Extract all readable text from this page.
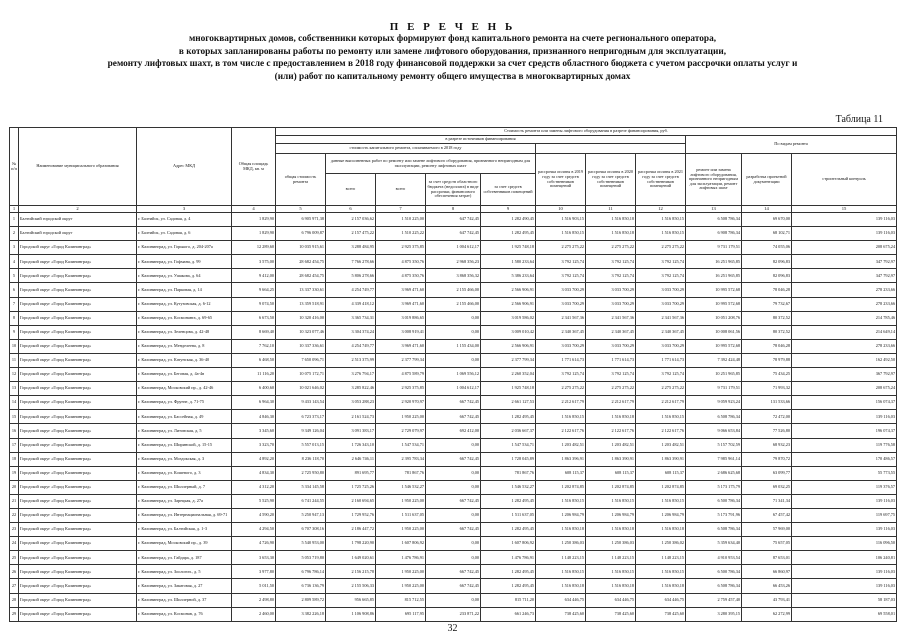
П Е Р Е Ч Е Н Ь
многоквартирных домов, собственники которых формируют фонд капитального ремонта на счете регионального оператора,
в которых запланированы работы по ремонту или замене лифтового оборудования, признанного непригодным для эксплуатации,
ремонту лифтовых шахт, в том числе с предоставлением в 2018 году финансовой поддержки за счет средств областного бюджета с учетом рассрочки оплаты услуг и
(или) работ по капитальному ремонту общего имущества в многоквартирных домах
Таблица 11
№ п/п	Наименование муниципального образования	Адрес МКД	Общая площадь МКД, кв. м	Стоимость ремонта или замены лифтового оборудования в разрезе финансирования, руб.										
				в разрезе источников финансирования								По видам ремонта		
				стоимость капитального ремонта, оплачиваемого в 2018 году										
				общая стоимость ремонта	данные выполненных работ по ремонту или замене лифтового оборудования, признанного непригодным для эксплуатации, ремонту лифтовых шахт				рассрочка оплаты в 2019 году за счет средств собственников помещений	рассрочка оплаты в 2020 году за счет средств собственников помещений	рассрочка оплаты в 2021 году за счет средств собственников помещений	ремонт или замена лифтового оборудования, признанного непригодным для эксплуатации, ремонт лифтовых шахт	разработка проектной документации	строительный контроль
					всего	всего	за счет средств областного бюджета (недоплата) в виде рассрочки, финансового обеспечения затрат)	за счет средств собственников помещений						

1	2	3	4	5	6	7	8	9	10	11	12	13	14	15
1	Балтийский городской округ	г. Балтийск, ул. Садовая, д. 4	1 829,90	6 905 971,38	2 157 036,62	1 510 225,00	647 742,45	1 282 490,45	1 516 903,15	1 516 850,18	1 516 850,15	6 508 786,34	69 670,00	139 116,03
2	Балтийский городской округ	г. Балтийск, ул. Садовая, д. 6	1 829,90	6 796 009,87	2 157 475,22	1 510 225,22	647 742,45	1 282 495,45	1 516 850,15	1 516 850,18	1 516 850,15	6 908 786,34	68 102,71	139 116,03
3	Городской округ «Город Калининград»	г. Калининград, ул. Горького, д. 204-207а	12 289,60	10 035 915,61	3 288 484,95	2 925 375,85	1 004 612,17	1 925 748,18	2 275 275,22	2 275 275,22	2 275 275,22	9 731 179,51	74 055,06	208 675,24
4	Городской округ «Город Калининград»	г. Калининград, ул. Гофмана, д. 99	3 575,00	28 682 454,75	7 766 278,66	4 875 350,76	2 968 356,23	1 580 233,64	3 792 125,74	3 792 125,74	3 792 125,74	16 251 965,85	82 096,83	347 792,97
5	Городской округ «Город Калининград»	г. Калининград, ул. Ушакова, д. 64	9 412,00	28 682 454,75	5 806 278,66	4 875 350,76	3 868 356,32	5 386 233,64	3 792 125,74	3 792 125,74	3 792 125,74	16 251 965,85	82 096,83	347 792,97
6	Городской округ «Город Калининград»	г. Калининград, ул. Парковая, д. 14	9 664,25	13 337 330,61	4 254 749,77	3 969 471,60	2 155 466,00	2 566 906,91	3 033 700,29	3 033 700,29	3 033 700,29	10 995 572,68	78 046,28	278 233,66
7	Городской округ «Город Калининград»	г. Калининград, ул. Кутузовская, д. 6-12	9 074,50	13 359 518,91	4 339 418,12	3 969 471,60	2 155 466,00	2 566 906,91	3 033 700,29	3 033 700,29	3 033 700,29	10 995 572,68	79 732,67	278 233,66
8	Городской округ «Город Калининград»	г. Калининград, ул. Космонавта, д. 69-65	6 673,50	10 320 416,00	3 365 734,31	3 019 886,65	0,00	3 019 586,02	2 341 567,36	2 341 567,36	2 341 567,36	10 051 208,76	80 372,52	214 785,46
9	Городской округ «Город Калининград»	г. Калининград, ул. Зеленцова, д. 42-48	8 669,40	10 323 077,46	3 304 374,24	3 008 919,41	0,00	3 009 010,42	2 340 367,45	2 340 367,45	2 340 367,45	10 008 061,56	80 372,52	214 649,14
10	Городской округ «Город Калининград»	г. Калининград, ул. Менделеева, д. 8	7 762,10	10 337 336,61	4 254 749,77	3 969 471,60	1 155 434,00	2 566 906,91	3 033 700,29	3 033 700,29	3 033 700,29	10 995 572,68	78 046,28	278 233,66
11	Городской округ «Город Калининград»	г. Калининград, ул. Катунская, д. 36-40	6 468,50	7 650 096,71	2 513 375,99	2 377 799,34	0,00	2 377 799,34	1 771 614,73	1 771 614,73	1 771 614,73	7 392 424,48	78 979,88	162 492,50
12	Городской округ «Город Калининград»	г. Калининград, ул. Беговая, д. 4а-4в	11 116,20	10 075 172,71	3 276 794,17	4 875 589,79	1 069 556,12	2 260 352,04	3 792 125,74	3 792 125,74	3 792 125,74	10 251 965,85	75 434,25	367 792,97
13	Городской округ «Город Калининград»	г. Калининград, Московский пр., д. 42-46	6 400,60	10 021 646,02	3 285 822,46	2 925 375,85	1 004 612,17	1 925 748,18	2 275 275,22	2 275 275,22	2 275 275,22	9 731 179,51	71 993,32	208 675,24
14	Городской округ «Город Калининград»	г. Калининград, ул. Фрунзе, д. 71-75	6 964,30	9 433 143,54	3 053 288,23	2 920 970,97	667 742,45	2 661 127,53	2 212 617,79	2 212 617,79	2 212 617,79	9 059 923,24	131 533,66	156 074,37
15	Городской округ «Город Калининград»	г. Калининград, ул. Бассейная, д. 49	4 846,30	6 723 373,17	2 161 524,73	1 950 225,00	667 742,45	1 282 495,45	1 516 850,15	1 516 850,18	1 516 850,15	6 508 786,34	72 472,00	139 116,03
16	Городской округ «Город Калининград»	г. Калининград, ул. Литовская, д. 5	3 345,60	9 349 126,04	3 091 383,17	2 729 079,97	692 412,00	2 036 667,37	2 122 617,76	2 122 617,76	2 122 617,76	9 066 653,84	77 526,80	196 074,37
17	Городской округ «Город Калининград»	г. Калининград, ул. Ширинской, д. 15-15	3 323,70	5 557 013,15	1 726 343,10	1 547 534,71	0,00	1 547 534,71	1 203 482,51	1 203 482,51	1 203 482,51	5 157 702,59	68 932,23	119 776,58
18	Городской округ «Город Калининград»	г. Калининград, ул. Моздокская, д. 3	4 892,20	8 236 118,70	2 646 746,11	2 395 783,34	667 742,45	1 728 045,89	1 863 396,91	1 863 390,91	1 863 390,91	7 985 961,14	79 870,72	170 486,57
19	Городской округ «Город Калининград»	г. Калининград, ул. Кошевого, д. 3	4 834,30	2 725 950,80	891 695,77	781 867,76	0,00	781 867,76	608 115,37	608 115,37	608 115,37	2 686 625,68	63 099,77	55 773,55
20	Городской округ «Город Калининград»	г. Калининград, ул. Шиллерный, д. 7	4 312,20	5 334 145,58	1 725 725,26	1 546 532,27	0,00	1 546 532,27	1 202 874,85	1 202 874,85	1 202 874,85	5 173 175,79	69 032,25	119 376,57
21	Городской округ «Город Калининград»	г. Калининград, ул. Зарецкая, д. 27а	5 525,90	6 741 244,55	2 160 694,65	1 950 225,00	667 742,45	1 282 495,45	1 516 850,15	1 516 850,15	1 516 850,15	6 500 786,34	71 341,34	139 116,03
22	Городской округ «Город Калининград»	г. Калининград, ул. Интернациональная, д. 69-71	4 590,20	5 250 947,13	1 729 952,76	1 511 637,05	0,00	1 511 637,05	1 206 984,79	1 206 984,79	1 206 984,79	5 173 791,96	67 457,42	119 697,75
23	Городской округ «Город Калининград»	г. Калининград, ул. Балтийская, д. 1-3	4 294,50	6 707 308,16	2 186 447,72	1 950 225,00	667 742,45	1 282 495,45	1 516 850,18	1 516 850,18	1 516 850,18	6 508 786,34	57 969,00	139 116,03
24	Городской округ «Город Калининград»	г. Калининград, Московский пр., д. 39	4 726,90	5 540 953,00	1 798 220,90	1 607 806,92	0,00	1 607 806,92	1 250 386,03	1 250 386,03	1 250 386,02	5 359 634,40	75 657,05	116 096,50
25	Городской округ «Город Калининград»	г. Калининград, ул. Гайдара, д. 187	3 653,30	5 053 719,80	1 649 020,61	1 476 786,91	0,00	1 476 786,91	1 148 223,15	1 148 223,15	1 148 223,15	4 910 953,54	87 653,01	106 240,81
26	Городской округ «Город Калининград»	г. Калининград, ул. Зоологич., д. 5	3 977,80	6 796 786,14	2 156 215,78	1 950 225,00	667 742,45	1 282 495,45	1 516 850,15	1 516 850,15	1 516 850,15	6 500 786,34	66 860,97	139 116,03
27	Городской округ «Город Калининград»	г. Калининград, ул. Закатовая, д. 27	5 011,50	6 736 136,79	2 155 506,33	1 950 225,00	667 742,45	1 282 495,45	1 516 850,18	1 516 850,18	1 516 850,18	6 508 786,34	66 453,26	139 116,03
28	Городской округ «Город Калининград»	г. Калининград, ул. Шиллерной, д. 37	2 498,80	2 809 589,72	956 665,85	815 712,55	0,00	815 711,20	634 446,75	634 446,75	634 446,75	2 759 457,40	43 793,41	58 187,03
29	Городской округ «Город Калининград»	г. Калининград, ул. Космонав, д. 76	2 460,00	3 382 226,18	1 106 908,86	695 117,95	233 871,22	661 246,73	738 425,60	738 425,60	738 425,60	3 280 395,15	62 272,99	69 558,01
32
